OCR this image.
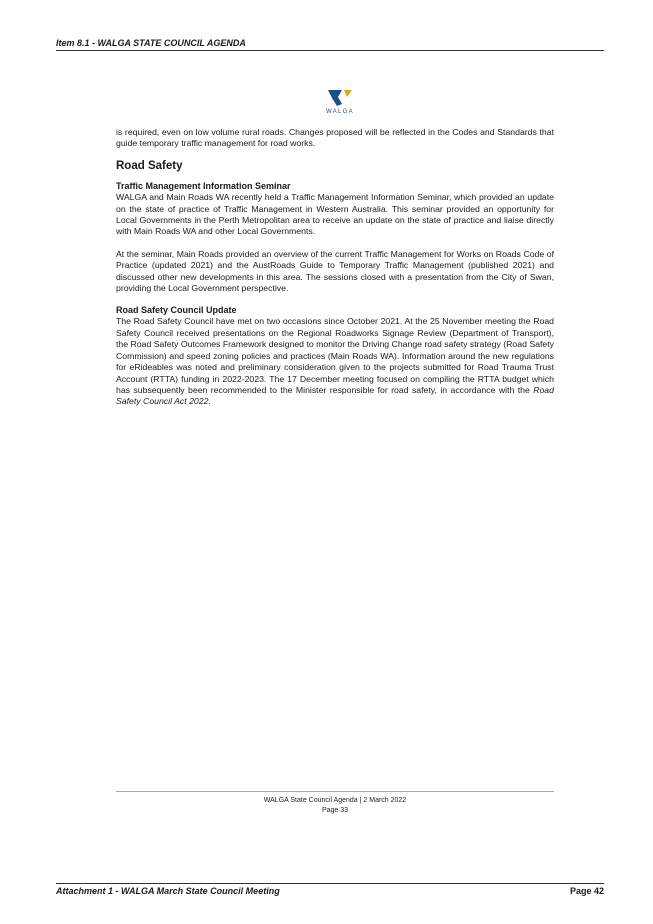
Item 8.1 - WALGA STATE COUNCIL AGENDA
WALGA

is required, even on low volume rural roads. Changes proposed will be reflected in the Codes and Standards that guide temporary traffic management for road works.

Road Safety
Traffic Management Information Seminar

WALGA and Main Roads WA recently held a Traffic Management Information Seminar, which provided an update on the state of practice of Traffic Management in Western Australia. This seminar provided an opportunity for Local Governments in the Perth Metropolitan area to receive an update on the state of practice and liaise directly with Main Roads WA and other Local Governments.

At the seminar, Main Roads provided an overview of the current Traffic Management for Works on Roads Code of Practice (updated 2021) and the AustRoads Guide to Temporary Traffic Management (published 2021) and discussed other new developments in this area. The sessions closed with a presentation from the City of Swan, providing the Local Government perspective.

Road Safety Council Update

The Road Safety Council have met on two occasions since October 2021. At the 25 November meeting the Road Safety Council received presentations on the Regional Roadworks Signage Review (Department of Transport), the Road Safety Outcomes Framework designed to monitor the Driving Change road safety strategy (Road Safety Commission) and speed zoning policies and practices (Main Roads WA). Information around the new regulations for eRideables was noted and preliminary consideration given to the projects submitted for Road Trauma Trust Account (RTTA) funding in 2022-2023. The 17 December meeting focused on compiling the RTTA budget which has subsequently been recommended to the Minister responsible for road safety, in accordance with the Road Safety Council Act 2022.

WALGA State Council Agenda | 2 March 2022
Page 33
Attachment 1 - WALGA March State Council Meeting	Page 42
